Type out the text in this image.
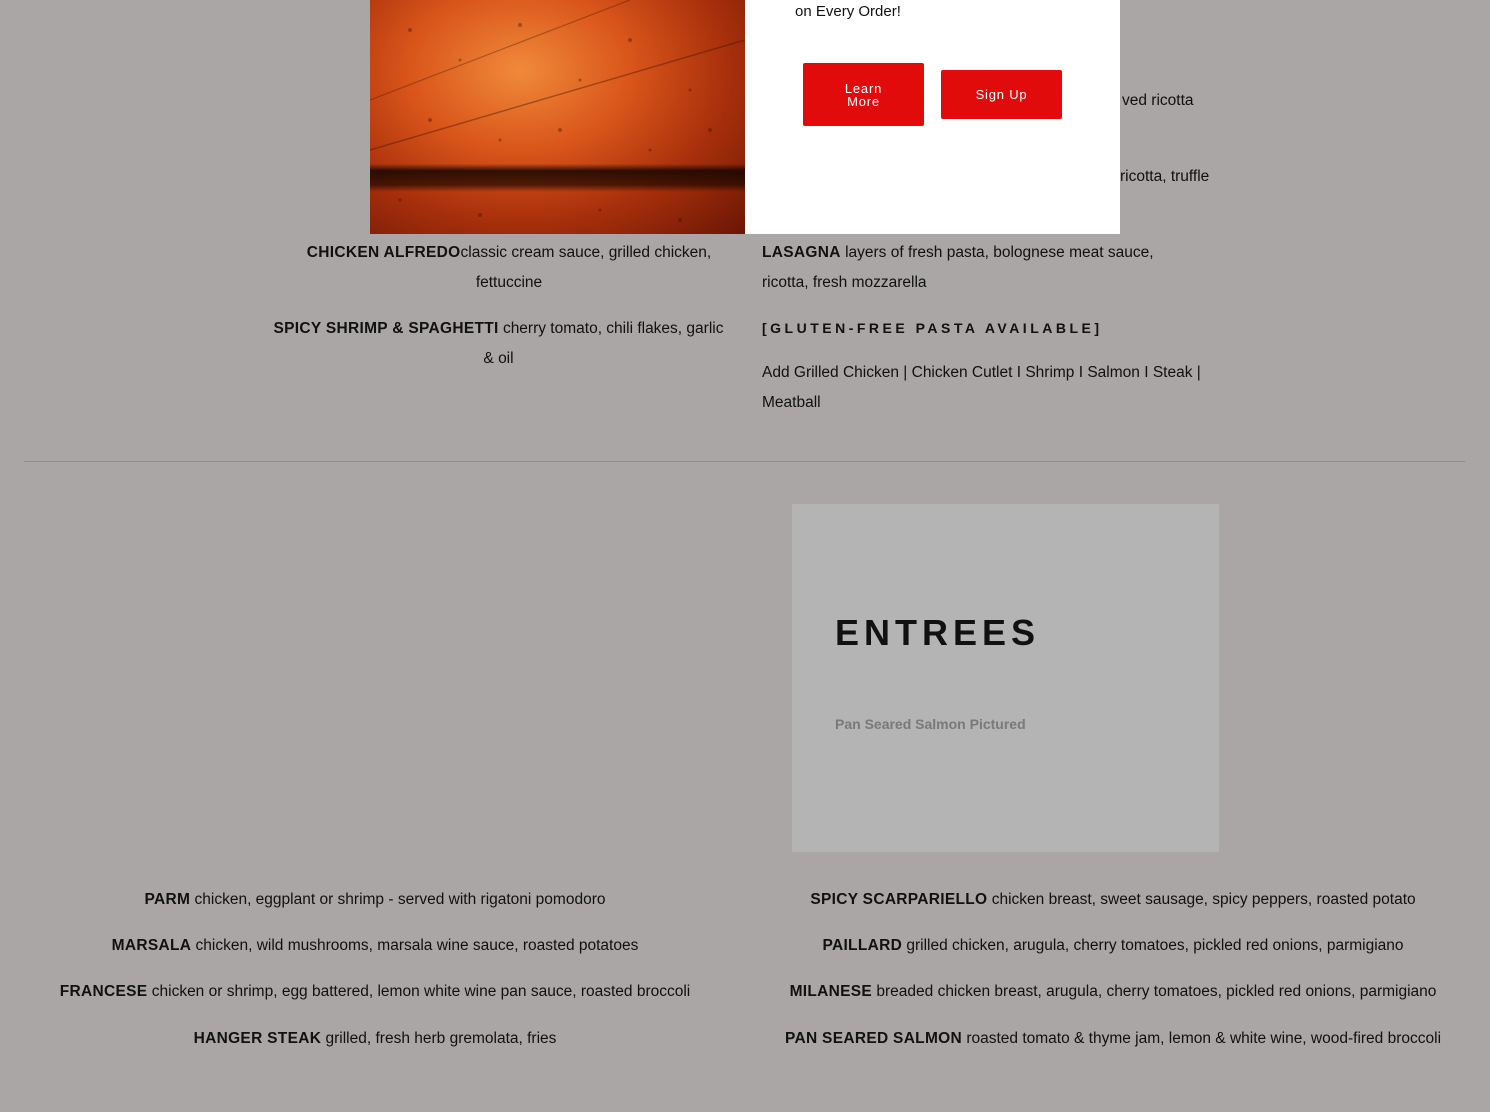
CHICKEN ALFREDOclassic cream sauce, grilled chicken, fettuccine
SPICY SHRIMP & SPAGHETTI cherry tomato, chili flakes, garlic & oil
ved ricotta
ricotta, truffle
LASAGNA layers of fresh pasta, bolognese meat sauce, ricotta, fresh mozzarella
[GLUTEN-FREE PASTA AVAILABLE]
Add Grilled Chicken | Chicken Cutlet I Shrimp I Salmon I Steak | Meatball
ENTREES
Pan Seared Salmon Pictured
PARM chicken, eggplant or shrimp - served with rigatoni pomodoro
MARSALA chicken, wild mushrooms, marsala wine sauce, roasted potatoes
FRANCESE chicken or shrimp, egg battered, lemon white wine pan sauce, roasted broccoli
HANGER STEAK grilled, fresh herb gremolata, fries
SPICY SCARPARIELLO chicken breast, sweet sausage, spicy peppers, roasted potato
PAILLARD grilled chicken, arugula, cherry tomatoes, pickled red onions, parmigiano
MILANESE breaded chicken breast, arugula, cherry tomatoes, pickled red onions, parmigiano
PAN SEARED SALMON roasted tomato & thyme jam, lemon & white wine, wood-fired broccoli
on Every Order!
Learn
More	Sign Up
